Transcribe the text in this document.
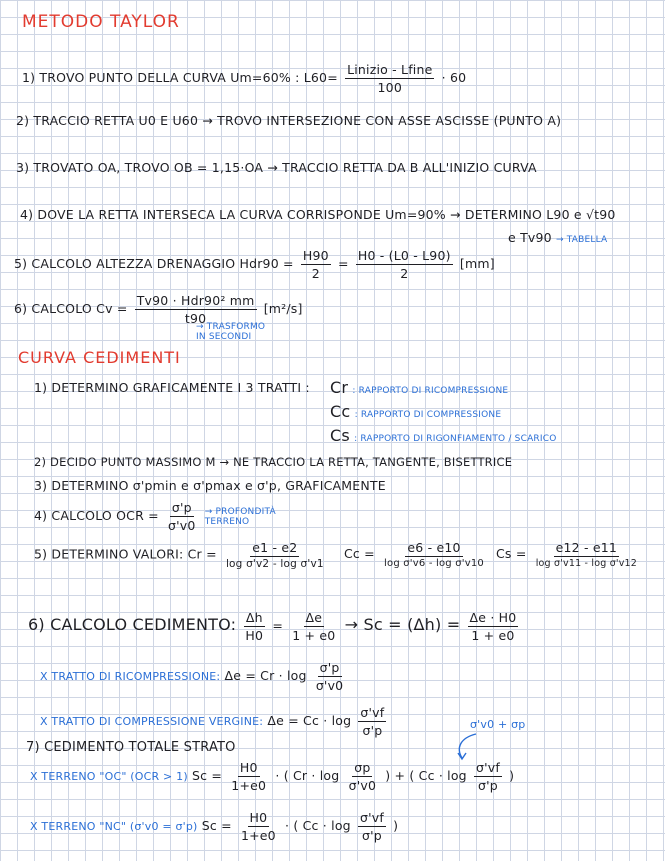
METODO TAYLOR
1) TROVO PUNTO DELLA CURVA Um=60% : $L60= \frac{\text{Linizio - Lfine}}{100} \cdot 60$
2) TRACCIO RETTA U0 E U60 → TROVO INTERSEZIONE CON ASSE ASCISSE (PUNTO A)
3) TROVATO OA, TROVO OB = 1,15·OA → TRACCIO RETTA DA B ALL'INIZIO CURVA
4) DOVE LA RETTA INTERSECA LA CURVA CORRISPONDE Um=90% → DETERMINO L90 e √t90
e Tv90 → TABELLA
5) CALCOLO ALTEZZA DRENAGGIO $Hdr90 = \frac{H90}{2} = \frac{H0 - (L0 - L90)}{2} [mm]$
6) CALCOLO $Cv = \frac{\text{Tv90 · Hdr90² mm}}{t90} [m^2/s]$
→ TRASFORMO IN SECONDI
CURVA CEDIMENTI
1) DETERMINO GRAFICAMENTE I 3 TRATTI : Cr : RAPPORTO DI RICOMPRESSIONE
Cc : RAPPORTO DI COMPRESSIONE
Cs : RAPPORTO DI RIGONFIAMENTO / SCARICO
2) DECIDO PUNTO MASSIMO M → NE TRACCIO LA RETTA, TANGENTE, BISETTRICE
3) DETERMINO σ'pmin e σ'pmax e σ'p, GRAFICAMENTE
4) CALCOLO OCR = $\frac{\sigma'p}{\sigma'v0}$ → PROFONDITÀ TERRENO
5) DETERMINO VALORI: $Cr = \frac{e1 - e2}{\text{log σ'v2 - log σ'v1}}$ $Cc = \frac{e6 - e10}{\text{log σ'v6 - log σ'v10}}$ $Cs = \frac{e12 - e11}{\text{log σ'v11 - log σ'v12}}$
6) CALCOLO CEDIMENTO: $\frac{\Delta h}{H0} = \frac{\Delta e}{1 + e0} \to Sc = (\Delta h) = \frac{\Delta e \cdot H0}{1 + e0}$
X TRATTO DI RICOMPRESSIONE: $\Delta e = Cr \cdot \log \frac{\sigma'p}{\sigma'v0}$
X TRATTO DI COMPRESSIONE VERGINE: $\Delta e = Cc \cdot \log \frac{\sigma'vf}{\sigma'p}$	σ'v0 + σp
7) CEDIMENTO TOTALE STRATO
X TERRENO "OC" (OCR > 1) $Sc = \frac{H0}{1+e0}$ · ( $Cr \cdot \log \frac{\sigma p}{\sigma'v0}$ ) + ( $Cc \cdot \log \frac{\sigma'vf}{\sigma'p}$ )
X TERRENO "NC" (σ'v0 = σ'p) $Sc = \frac{H0}{1+e0}$ · ( $Cc \cdot \log \frac{\sigma'vf}{\sigma'p}$ )
